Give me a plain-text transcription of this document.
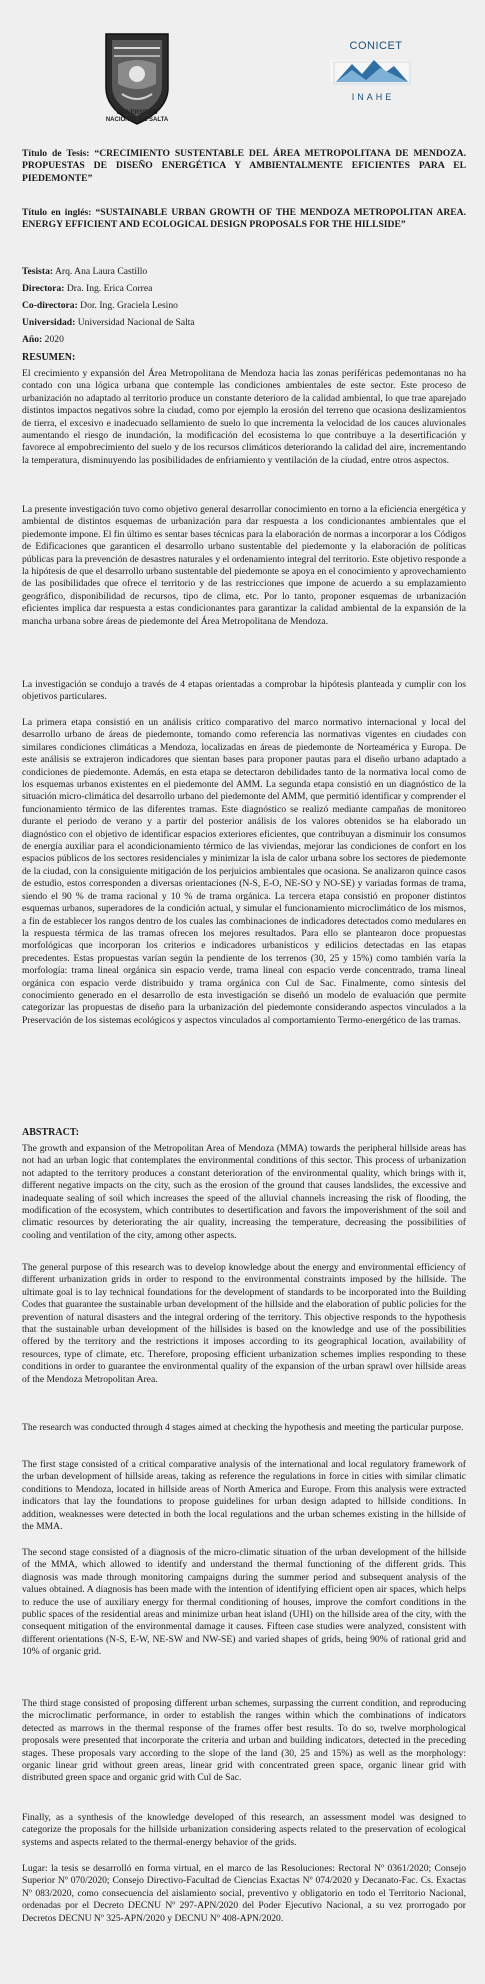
UNIVERSIDAD
NACIONAL DE SALTA
CONICET
INAHE
Título de Tesis: “CRECIMIENTO SUSTENTABLE DEL ÁREA METROPOLITANA DE MENDOZA. PROPUESTAS DE DISEÑO ENERGÉTICA Y AMBIENTALMENTE EFICIENTES PARA EL PIEDEMONTE”
Título en inglés: “SUSTAINABLE URBAN GROWTH OF THE MENDOZA METROPOLITAN AREA. ENERGY EFFICIENT AND ECOLOGICAL DESIGN PROPOSALS FOR THE HILLSIDE”
Tesista: Arq. Ana Laura Castillo
Directora: Dra. Ing. Erica Correa
Co-directora: Dor. Ing. Graciela Lesino
Universidad: Universidad Nacional de Salta
Año: 2020
RESUMEN:
El crecimiento y expansión del Área Metropolitana de Mendoza hacia las zonas periféricas pedemontanas no ha contado con una lógica urbana que contemple las condiciones ambientales de este sector. Este proceso de urbanización no adaptado al territorio produce un constante deterioro de la calidad ambiental, lo que trae aparejado distintos impactos negativos sobre la ciudad, como por ejemplo la erosión del terreno que ocasiona deslizamientos de tierra, el excesivo e inadecuado sellamiento de suelo lo que incrementa la velocidad de los cauces aluvionales aumentando el riesgo de inundación, la modificación del ecosistema lo que contribuye a la desertificación y favorece al empobrecimiento del suelo y de los recursos climáticos deteriorando la calidad del aire, incrementando la temperatura, disminuyendo las posibilidades de enfriamiento y ventilación de la ciudad, entre otros aspectos.
La presente investigación tuvo como objetivo general desarrollar conocimiento en torno a la eficiencia energética y ambiental de distintos esquemas de urbanización para dar respuesta a los condicionantes ambientales que el piedemonte impone. El fin último es sentar bases técnicas para la elaboración de normas a incorporar a los Códigos de Edificaciones que garanticen el desarrollo urbano sustentable del piedemonte y la elaboración de políticas públicas para la prevención de desastres naturales y el ordenamiento integral del territorio. Este objetivo responde a la hipótesis de que el desarrollo urbano sustentable del piedemonte se apoya en el conocimiento y aprovechamiento de las posibilidades que ofrece el territorio y de las restricciones que impone de acuerdo a su emplazamiento geográfico, disponibilidad de recursos, tipo de clima, etc. Por lo tanto, proponer esquemas de urbanización eficientes implica dar respuesta a estas condicionantes para garantizar la calidad ambiental de la expansión de la mancha urbana sobre áreas de piedemonte del Área Metropolitana de Mendoza.
La investigación se condujo a través de 4 etapas orientadas a comprobar la hipótesis planteada y cumplir con los objetivos particulares.
La primera etapa consistió en un análisis crítico comparativo del marco normativo internacional y local del desarrollo urbano de áreas de piedemonte, tomando como referencia las normativas vigentes en ciudades con similares condiciones climáticas a Mendoza, localizadas en áreas de piedemonte de Norteamérica y Europa. De este análisis se extrajeron indicadores que sientan bases para proponer pautas para el diseño urbano adaptado a condiciones de piedemonte. Además, en esta etapa se detectaron debilidades tanto de la normativa local como de los esquemas urbanos existentes en el piedemonte del AMM. La segunda etapa consistió en un diagnóstico de la situación micro-climática del desarrollo urbano del piedemonte del AMM, que permitió identificar y comprender el funcionamiento térmico de las diferentes tramas. Este diagnóstico se realizó mediante campañas de monitoreo durante el periodo de verano y a partir del posterior análisis de los valores obtenidos se ha elaborado un diagnóstico con el objetivo de identificar espacios exteriores eficientes, que contribuyan a disminuir los consumos de energía auxiliar para el acondicionamiento térmico de las viviendas, mejorar las condiciones de confort en los espacios públicos de los sectores residenciales y minimizar la isla de calor urbana sobre los sectores de piedemonte de la ciudad, con la consiguiente mitigación de los perjuicios ambientales que ocasiona. Se analizaron quince casos de estudio, estos corresponden a diversas orientaciones (N-S, E-O, NE-SO y NO-SE) y variadas formas de trama, siendo el 90 % de trama racional y 10 % de trama orgánica. La tercera etapa consistió en proponer distintos esquemas urbanos, superadores de la condición actual, y simular el funcionamiento microclimático de los mismos, a fin de establecer los rangos dentro de los cuales las combinaciones de indicadores detectados como medulares en la respuesta térmica de las tramas ofrecen los mejores resultados. Para ello se plantearon doce propuestas morfológicas que incorporan los criterios e indicadores urbanísticos y edilicios detectadas en las etapas precedentes. Estas propuestas varían según la pendiente de los terrenos (30, 25 y 15%) como también varía la morfología: trama lineal orgánica sin espacio verde, trama lineal con espacio verde concentrado, trama lineal orgánica con espacio verde distribuido y trama orgánica con Cul de Sac. Finalmente, como síntesis del conocimiento generado en el desarrollo de esta investigación se diseñó un modelo de evaluación que permite categorizar las propuestas de diseño para la urbanización del piedemonte considerando aspectos vinculados a la Preservación de los sistemas ecológicos y aspectos vinculados al comportamiento Termo-energético de las tramas.
ABSTRACT:
The growth and expansion of the Metropolitan Area of Mendoza (MMA) towards the peripheral hillside areas has not had an urban logic that contemplates the environmental conditions of this sector. This process of urbanization not adapted to the territory produces a constant deterioration of the environmental quality, which brings with it, different negative impacts on the city, such as the erosion of the ground that causes landslides, the excessive and inadequate sealing of soil which increases the speed of the alluvial channels increasing the risk of flooding, the modification of the ecosystem, which contributes to desertification and favors the impoverishment of the soil and climatic resources by deteriorating the air quality, increasing the temperature, decreasing the possibilities of cooling and ventilation of the city, among other aspects.
The general purpose of this research was to develop knowledge about the energy and environmental efficiency of different urbanization grids in order to respond to the environmental constraints imposed by the hillside. The ultimate goal is to lay technical foundations for the development of standards to be incorporated into the Building Codes that guarantee the sustainable urban development of the hillside and the elaboration of public policies for the prevention of natural disasters and the integral ordering of the territory. This objective responds to the hypothesis that the sustainable urban development of the hillsides is based on the knowledge and use of the possibilities offered by the territory and the restrictions it imposes according to its geographical location, availability of resources, type of climate, etc. Therefore, proposing efficient urbanization schemes implies responding to these conditions in order to guarantee the environmental quality of the expansion of the urban sprawl over hillside areas of the Mendoza Metropolitan Area.
The research was conducted through 4 stages aimed at checking the hypothesis and meeting the particular purpose.
The first stage consisted of a critical comparative analysis of the international and local regulatory framework of the urban development of hillside areas, taking as reference the regulations in force in cities with similar climatic conditions to Mendoza, located in hillside areas of North America and Europe. From this analysis were extracted indicators that lay the foundations to propose guidelines for urban design adapted to hillside conditions. In addition, weaknesses were detected in both the local regulations and the urban schemes existing in the hillside of the MMA.
The second stage consisted of a diagnosis of the micro-climatic situation of the urban development of the hillside of the MMA, which allowed to identify and understand the thermal functioning of the different grids. This diagnosis was made through monitoring campaigns during the summer period and subsequent analysis of the values obtained. A diagnosis has been made with the intention of identifying efficient open air spaces, which helps to reduce the use of auxiliary energy for thermal conditioning of houses, improve the comfort conditions in the public spaces of the residential areas and minimize urban heat island (UHI) on the hillside area of the city, with the consequent mitigation of the environmental damage it causes. Fifteen case studies were analyzed, consistent with different orientations (N-S, E-W, NE-SW and NW-SE) and varied shapes of grids, being 90% of rational grid and 10% of organic grid.
The third stage consisted of proposing different urban schemes, surpassing the current condition, and reproducing the microclimatic performance, in order to establish the ranges within which the combinations of indicators detected as marrows in the thermal response of the frames offer best results. To do so, twelve morphological proposals were presented that incorporate the criteria and urban and building indicators, detected in the preceding stages. These proposals vary according to the slope of the land (30, 25 and 15%) as well as the morphology: organic linear grid without green areas, linear grid with concentrated green space, organic linear grid with distributed green space and organic grid with Cul de Sac.
Finally, as a synthesis of the knowledge developed of this research, an assessment model was designed to categorize the proposals for the hillside urbanization considering aspects related to the preservation of ecological systems and aspects related to the thermal-energy behavior of the grids.
Lugar: la tesis se desarrolló en forma virtual, en el marco de las Resoluciones: Rectoral Nº 0361/2020; Consejo Superior Nº 070/2020; Consejo Directivo-Facultad de Ciencias Exactas Nº 074/2020 y Decanato-Fac. Cs. Exactas Nº 083/2020, como consecuencia del aislamiento social, preventivo y obligatorio en todo el Territorio Nacional, ordenadas por el Decreto DECNU Nº 297-APN/2020 del Poder Ejecutivo Nacional, a su vez prorrogado por Decretos DECNU Nº 325-APN/2020 y DECNU Nº 408-APN/2020.
